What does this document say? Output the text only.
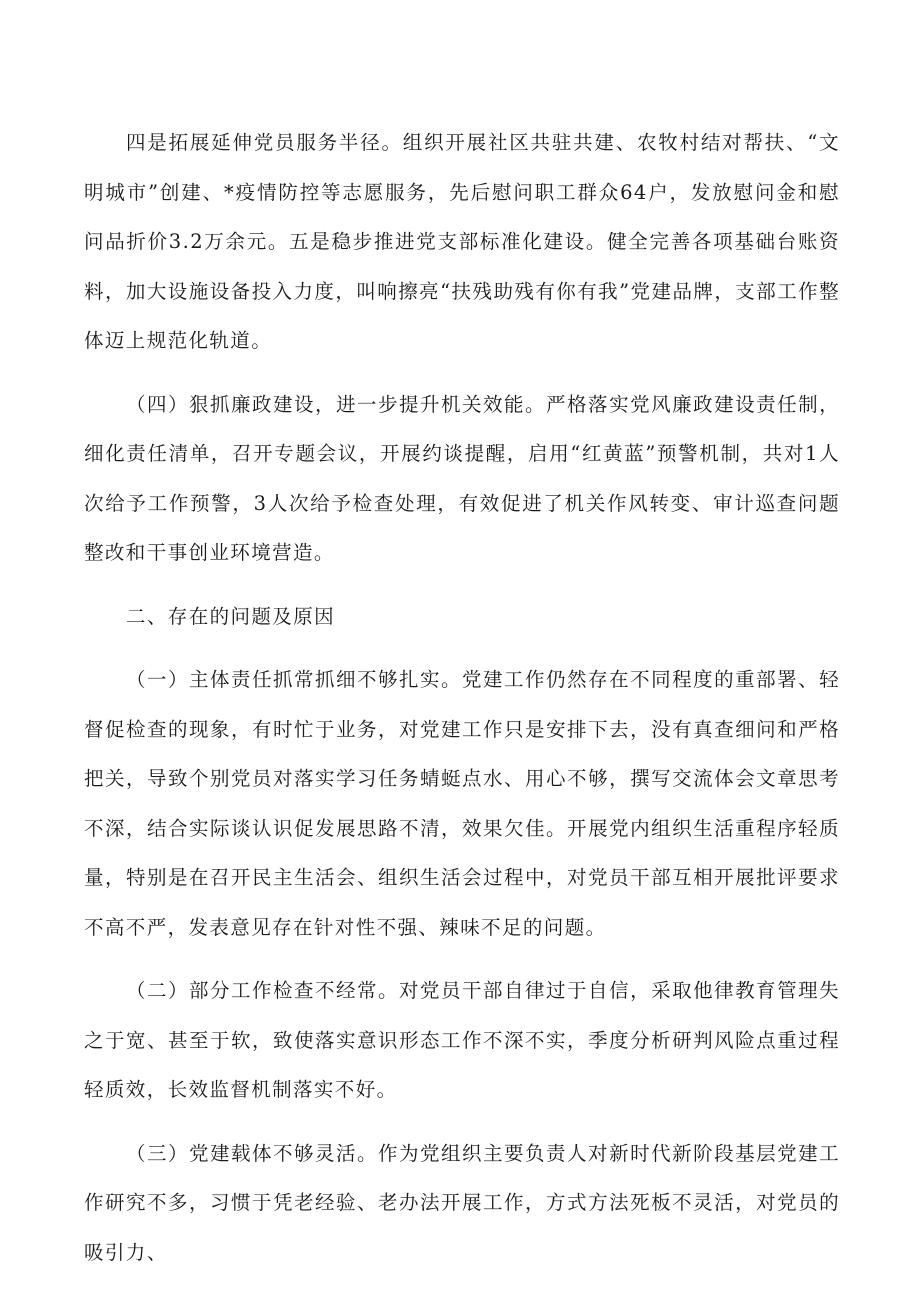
四是拓展延伸党员服务半径。组织开展社区共驻共建、农牧村结对帮扶、“文明城市”创建、*疫情防控等志愿服务，先后慰问职工群众64户，发放慰问金和慰问品折价3.2万余元。五是稳步推进党支部标准化建设。健全完善各项基础台账资料，加大设施设备投入力度，叫响擦亮“扶残助残有你有我”党建品牌，支部工作整体迈上规范化轨道。

（四）狠抓廉政建设，进一步提升机关效能。严格落实党风廉政建设责任制，细化责任清单，召开专题会议，开展约谈提醒，启用“红黄蓝”预警机制，共对1人次给予工作预警，3人次给予检查处理，有效促进了机关作风转变、审计巡查问题整改和干事创业环境营造。

二、存在的问题及原因

（一）主体责任抓常抓细不够扎实。党建工作仍然存在不同程度的重部署、轻督促检查的现象，有时忙于业务，对党建工作只是安排下去，没有真查细问和严格把关，导致个别党员对落实学习任务蜻蜓点水、用心不够，撰写交流体会文章思考不深，结合实际谈认识促发展思路不清，效果欠佳。开展党内组织生活重程序轻质量，特别是在召开民主生活会、组织生活会过程中，对党员干部互相开展批评要求不高不严，发表意见存在针对性不强、辣味不足的问题。

（二）部分工作检查不经常。对党员干部自律过于自信，采取他律教育管理失之于宽、甚至于软，致使落实意识形态工作不深不实，季度分析研判风险点重过程轻质效，长效监督机制落实不好。

（三）党建载体不够灵活。作为党组织主要负责人对新时代新阶段基层党建工作研究不多，习惯于凭老经验、老办法开展工作，方式方法死板不灵活，对党员的吸引力、
